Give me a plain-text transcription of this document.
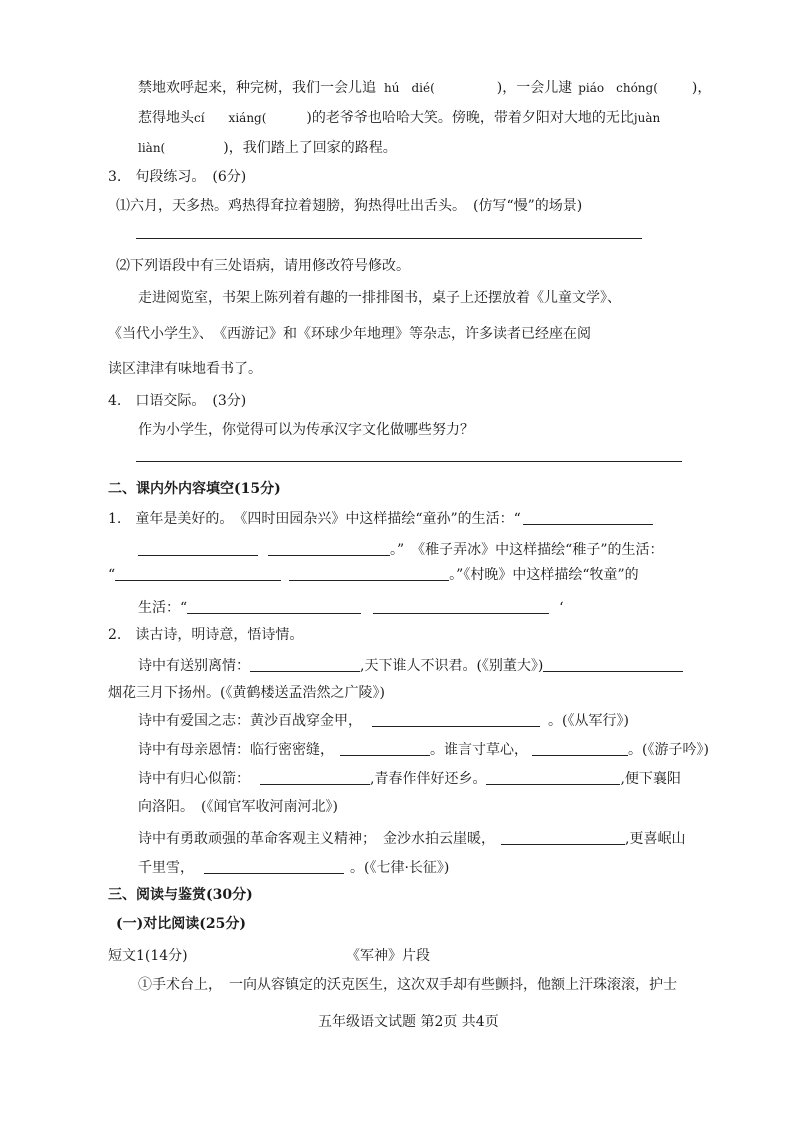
禁地欢呼起来，种完树，我们一会儿追 hú　dié(	)，一会儿逮 piáo　chóng( )，
惹得地头cí　　xiáng(	)的老爷爷也哈哈大笑。傍晚，带着夕阳对大地的无比juàn
liàn(	)，我们踏上了回家的路程。
3.　句段练习。　(6分)
⑴六月，天多热。鸡热得耷拉着翅膀，狗热得吐出舌头。　(仿写“慢”的场景)
⑵下列语段中有三处语病，请用修改符号修改。
走进阅览室，书架上陈列着有趣的一排排图书，桌子上还摆放着《儿童文学》、
《当代小学生》、　《西游记》和《环球少年地理》等杂志，许多读者已经座在阅
读区津津有味地看书了。
4.　口语交际。　(3分)
作为小学生，你觉得可以为传承汉字文化做哪些努力？
二、课内外内容填空(15分)
1.　童年是美好的。　《四时田园杂兴》中这样描绘“童孙”的生活：“
。”　《稚子弄冰》中这样描绘“稚子”的生活：
“	。”《村晚》中这样描绘“牧童”的
生活：“	‘
2.　读古诗，明诗意，悟诗情。
诗中有送别离情：	,天下谁人不识君。(《别董大》)
烟花三月下扬州。(《黄鹤楼送孟浩然之广陵》)
诗中有爱国之志：黄沙百战穿金甲，	。(《从军行》)
诗中有母亲恩情：临行密密缝，	。谁言寸草心，	。(《游子吟》)
诗中有归心似箭：	,青春作伴好还乡。	,便下襄阳
向洛阳。　(《闻官军收河南河北》)
诗中有勇敢顽强的革命客观主义精神；　金沙水拍云崖暖，	,更喜岷山
千里雪，	。(《七律·长征》)
三、阅读与鉴赏(30分)
(一)对比阅读(25分)
短文1(14分)	《军神》片段
①手术台上，　一向从容镇定的沃克医生，这次双手却有些颤抖，他额上汗珠滚滚，护士
五年级语文试题 第2页 共4页
